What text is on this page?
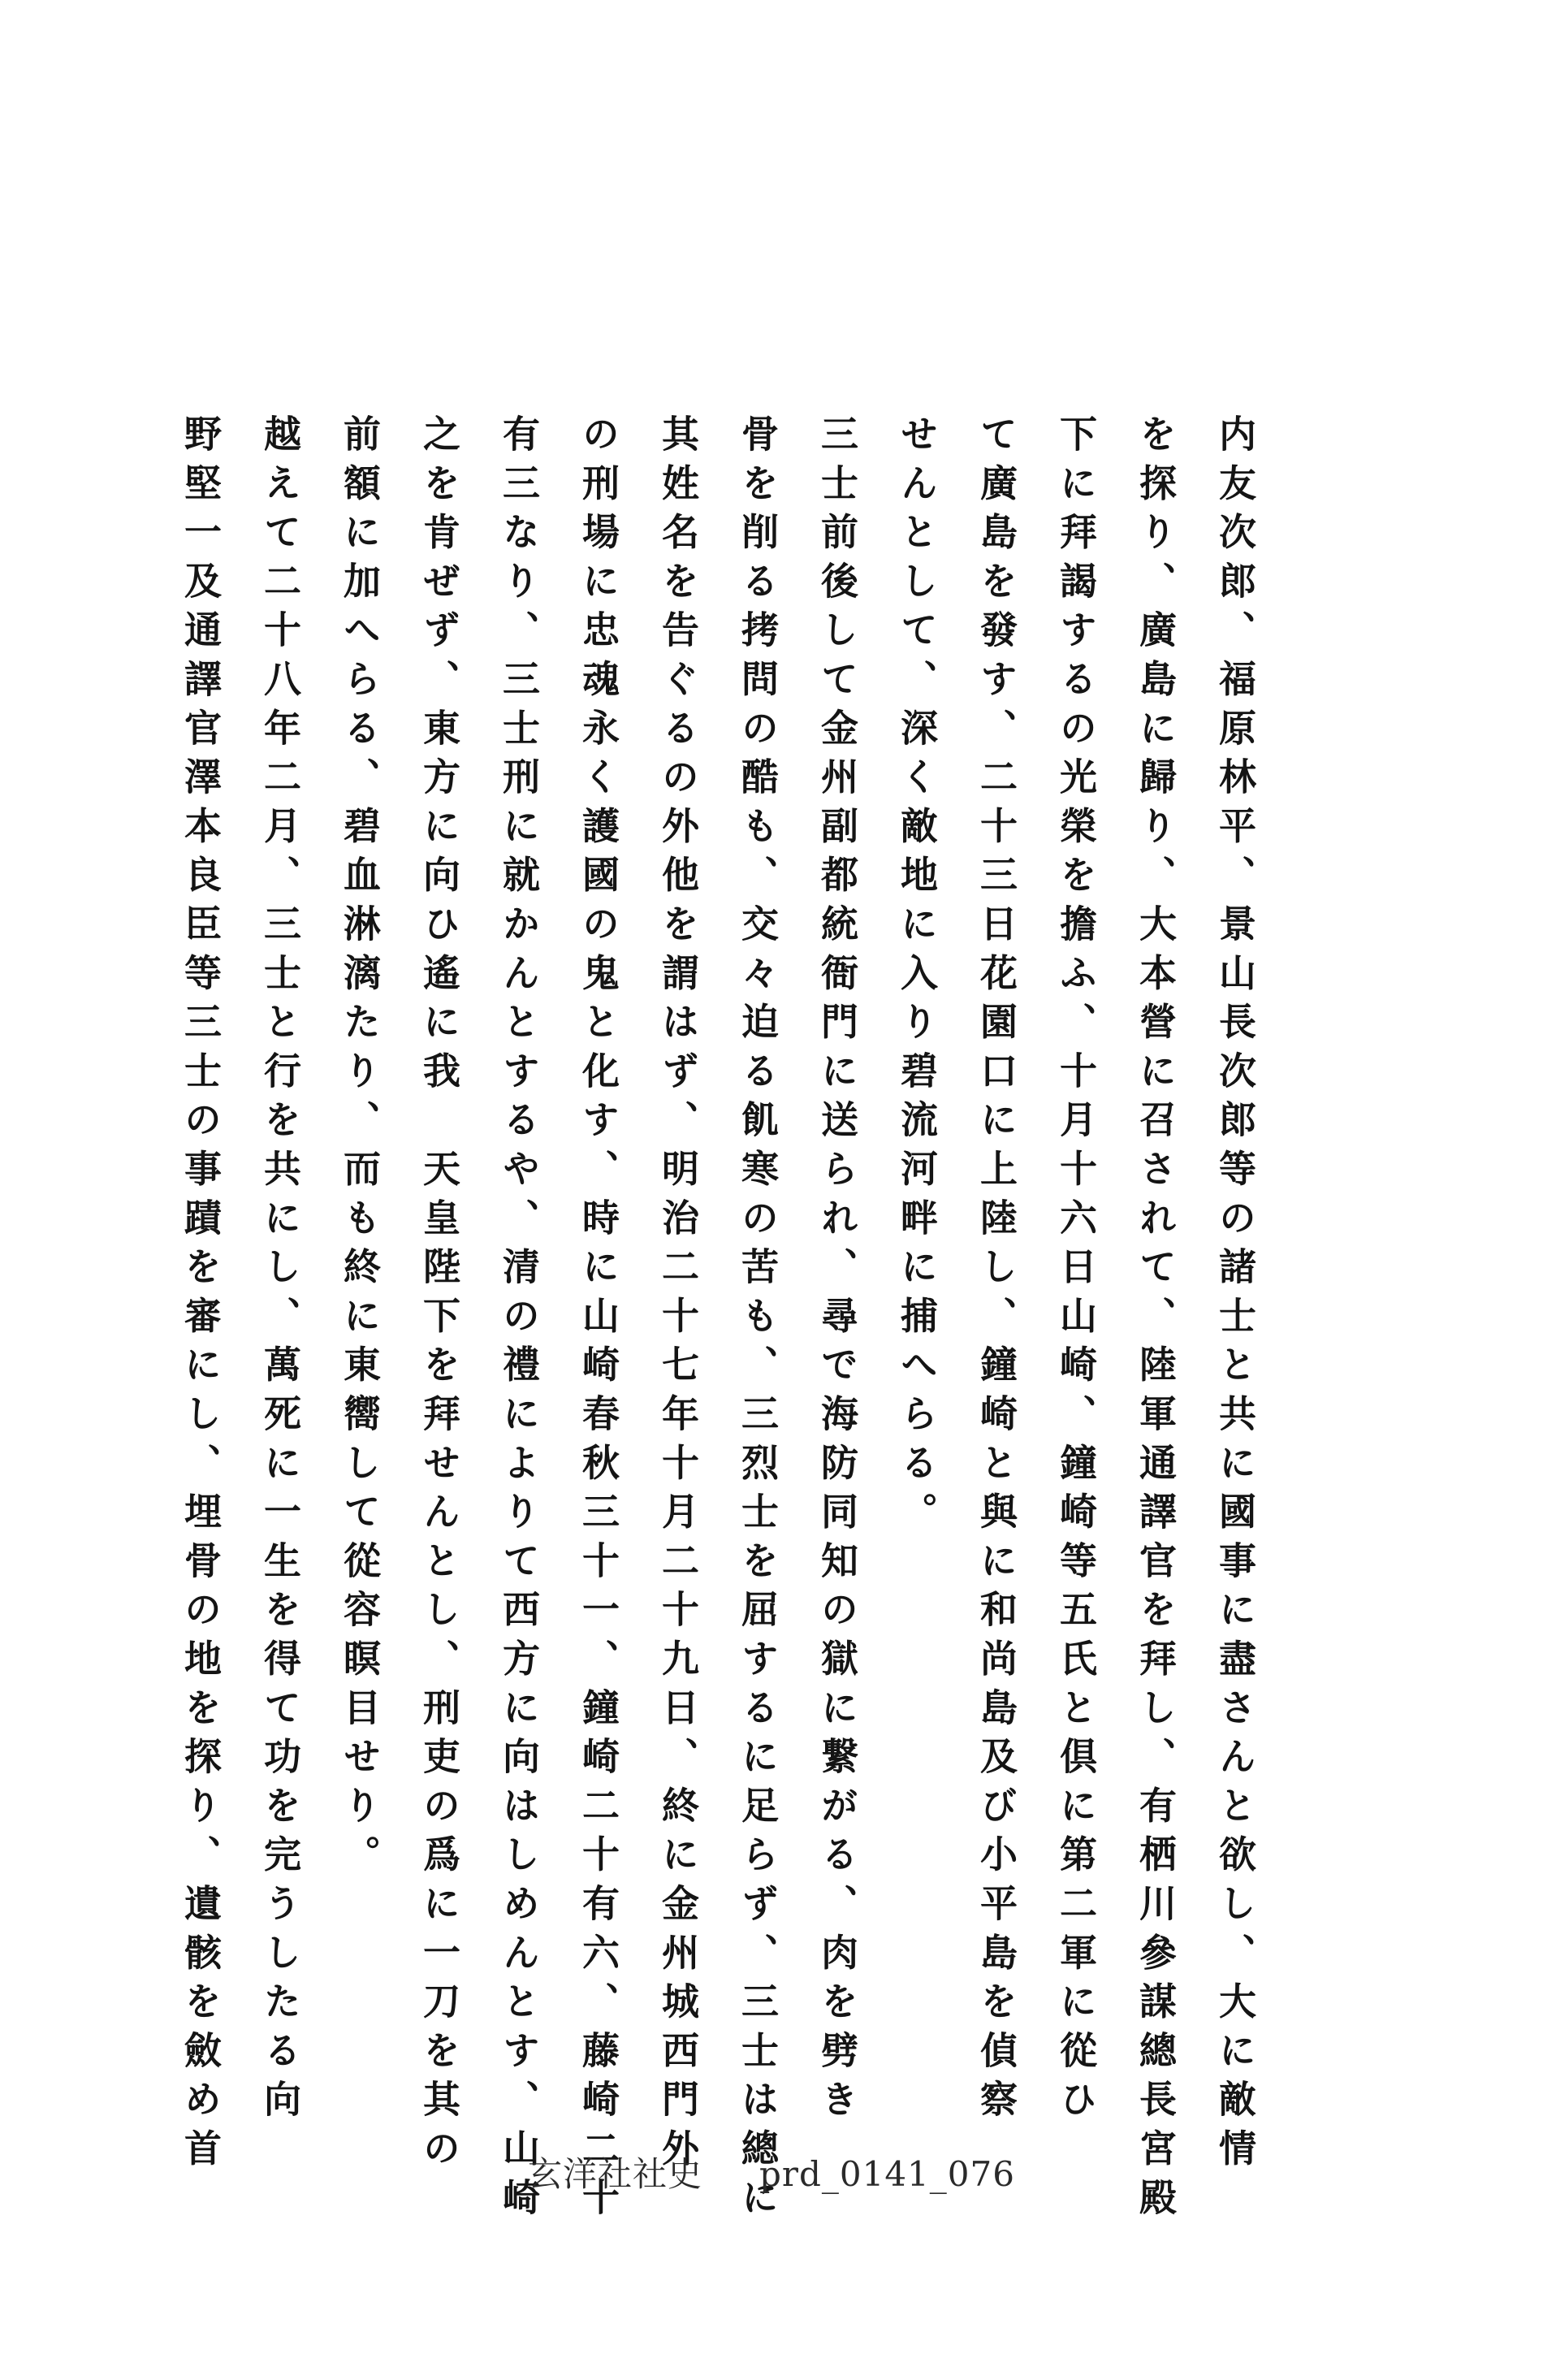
内友次郎、福原林平、景山長次郎等の諸士と共に國事に盡さんと欲し、大に敵情
を探り、廣島に歸り、大本營に召されて、陸軍通譯官を拜し、有栖川參謀總長宮殿
下に拜謁するの光榮を擔ふ、十月十六日山崎、鐘崎等五氏と倶に第二軍に從ひ
て廣島を發す、二十三日花園口に上陸し、鐘崎と與に和尚島及び小平島を偵察
せんとして、深く敵地に入り碧流河畔に捕へらる。
三士前後して金州副都統衙門に送られ、尋で海防同知の獄に繋がる、肉を劈き
骨を削る拷問の酷も、交々迫る飢寒の苦も、三烈士を屈するに足らず、三士は總に
其姓名を告ぐるの外他を謂はず、明治二十七年十月二十九日、終に金州城西門外
の刑場に忠魂永く護國の鬼と化す、時に山崎春秋三十一、鐘崎二十有六、藤崎二十
有三なり、三士刑に就かんとするや、清の禮によりて西方に向はしめんとす、山崎
之を肯ぜず、東方に向ひ遙に我　天皇陛下を拜せんとし、刑吏の爲に一刀を其の
前額に加へらる、碧血淋漓たり、而も終に東嚮して從容瞑目せり。
越えて二十八年二月、三士と行を共にし、萬死に一生を得て功を完うしたる向
野堅一及通譯官澤本良臣等三士の事蹟を審にし、埋骨の地を探り、遺骸を斂め首	玄洋社社史 prd_0141_076
